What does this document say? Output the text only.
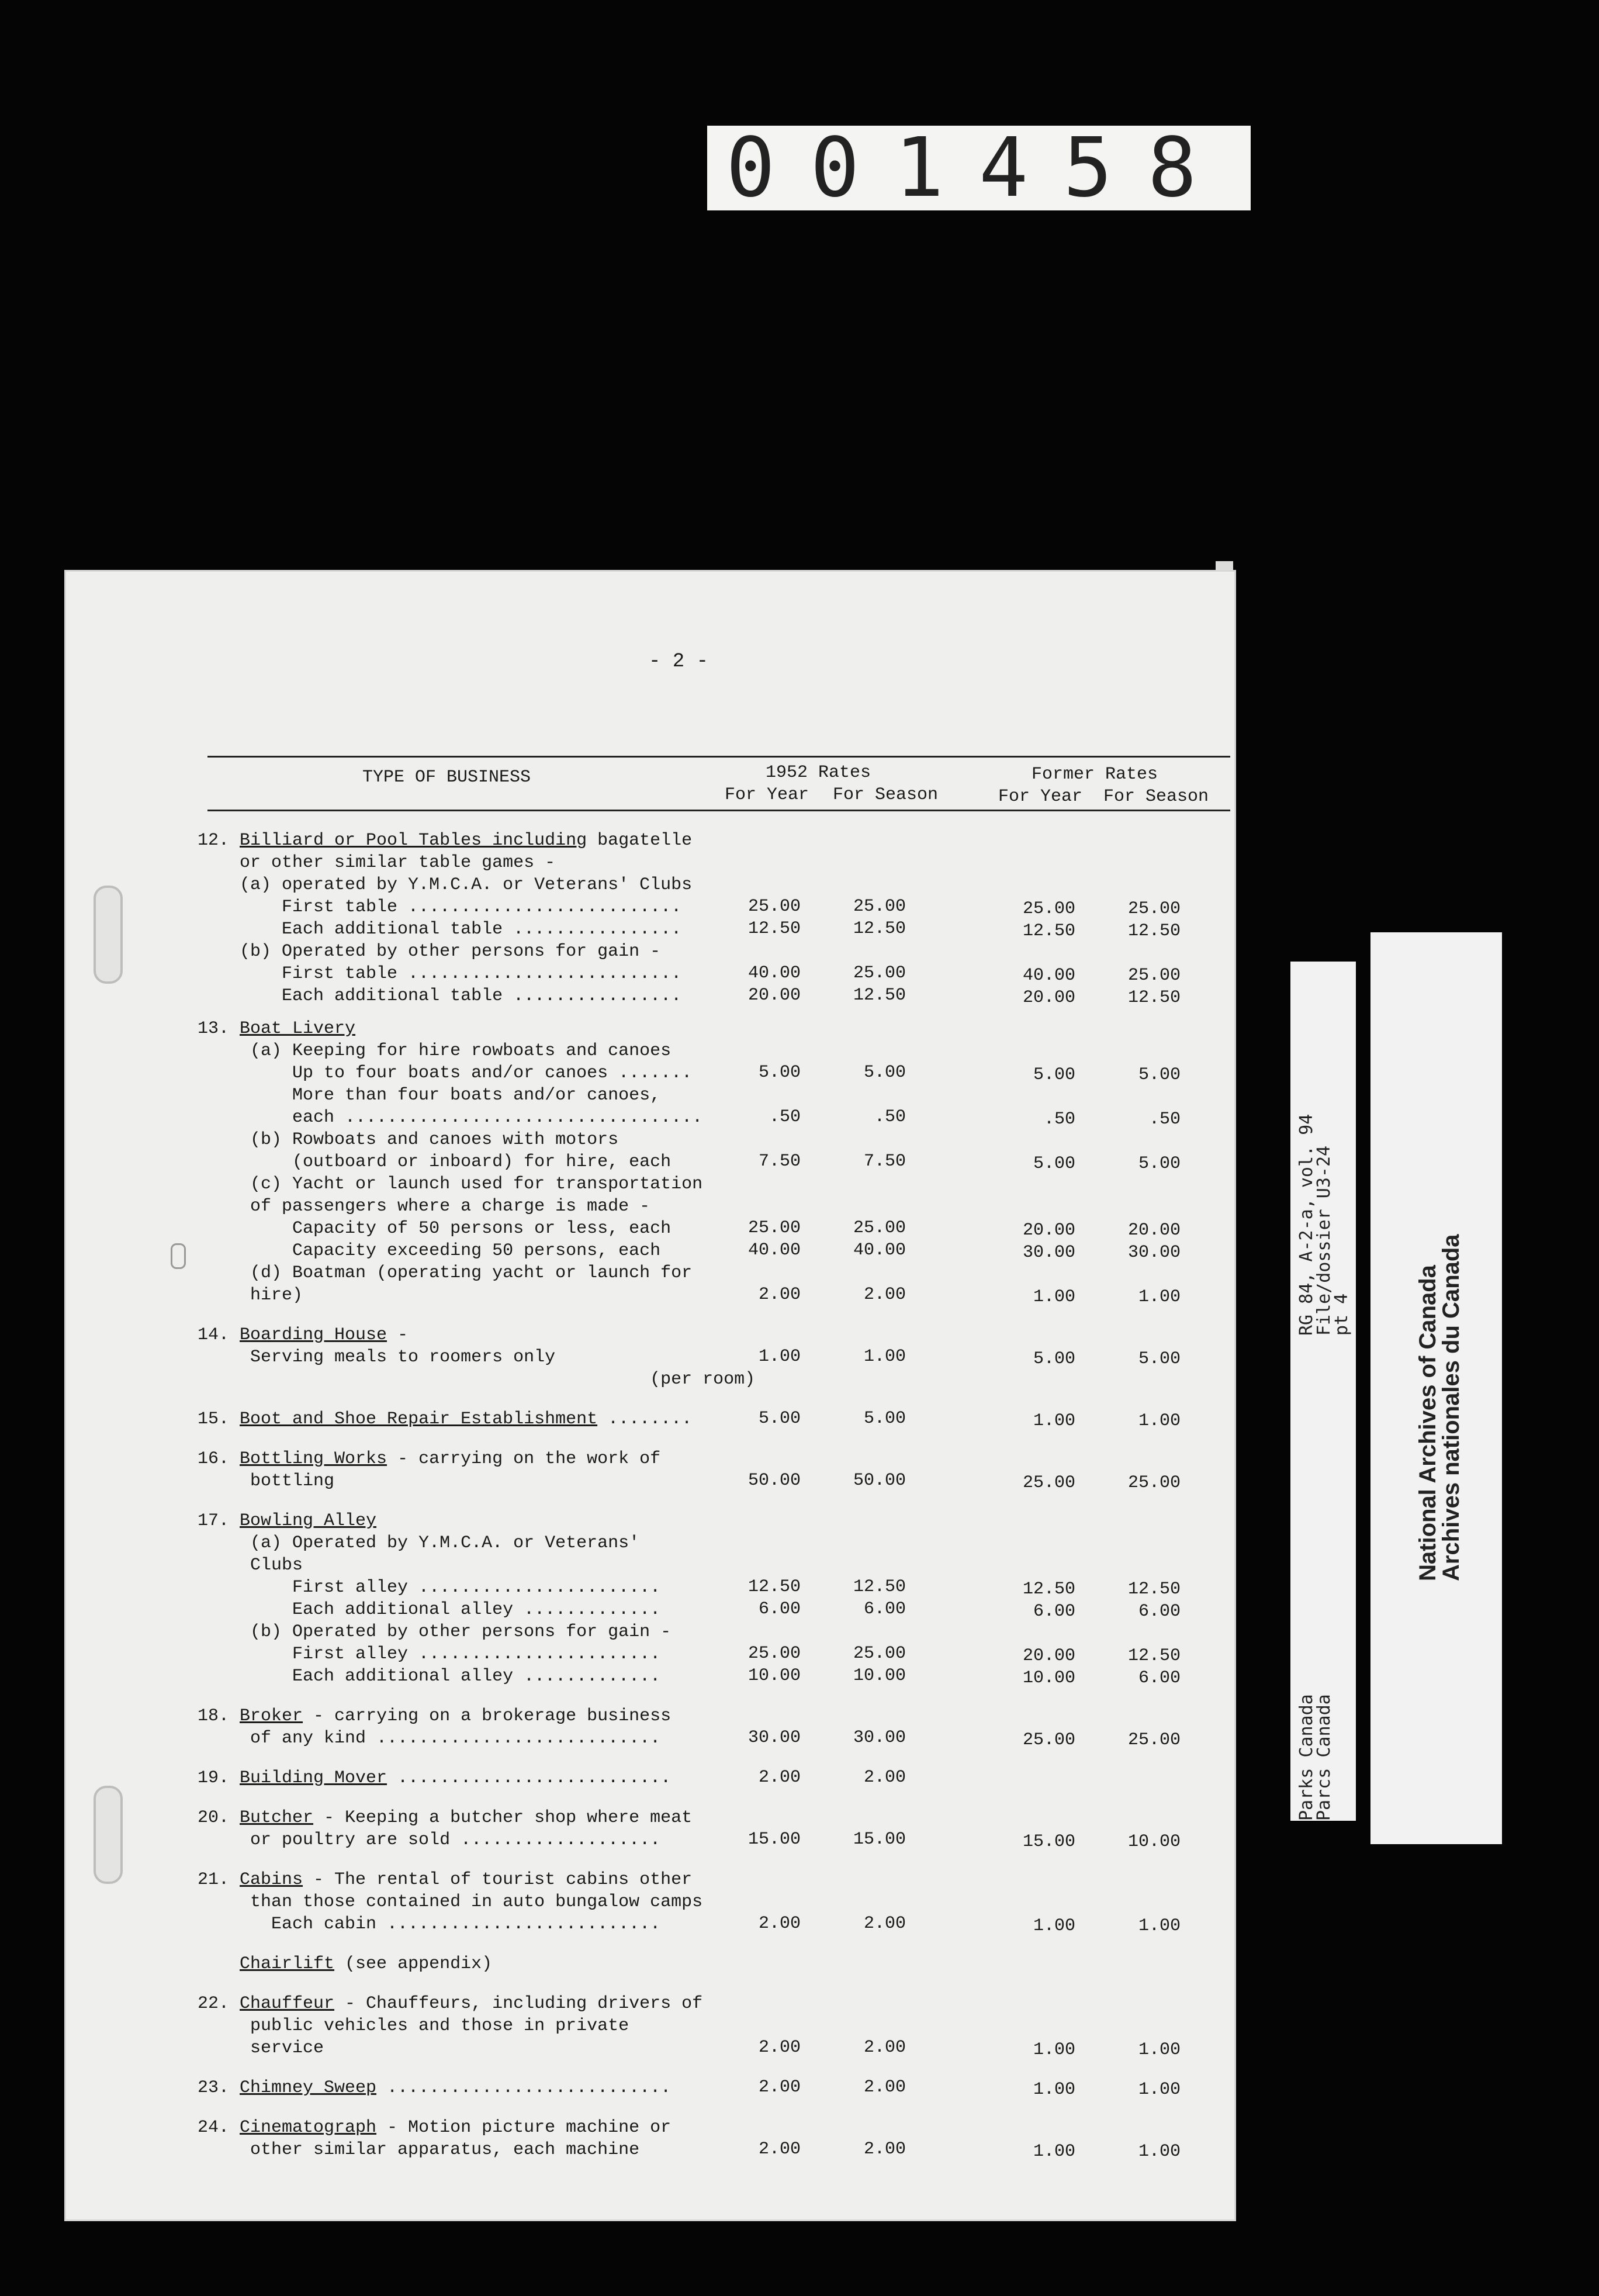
001458
- 2 -
TYPE OF BUSINESS	1952 Rates	Former Rates
For Year For Season	For Year For Season
12. Billiard or Pool Tables including bagatelle
or other similar table games -
(a) operated by Y.M.C.A. or Veterans' Clubs
First table ..........................	25.00	25.00	25.00	25.00
Each additional table ................	12.50	12.50	12.50	12.50
(b) Operated by other persons for gain -
First table ..........................	40.00	25.00	40.00	25.00
Each additional table ................	20.00	12.50	20.00	12.50
13. Boat Livery
(a) Keeping for hire rowboats and canoes
Up to four boats and/or canoes .......	5.00	5.00	5.00	5.00
More than four boats and/or canoes,
each ..................................	.50	.50	.50	.50
(b) Rowboats and canoes with motors
(outboard or inboard) for hire, each	7.50	7.50	5.00	5.00
(c) Yacht or launch used for transportation
of passengers where a charge is made -
Capacity of 50 persons or less, each	25.00	25.00	20.00	20.00
Capacity exceeding 50 persons, each	40.00	40.00	30.00	30.00
(d) Boatman (operating yacht or launch for
hire)	2.00	2.00	1.00	1.00
14. Boarding House -
Serving meals to roomers only	1.00	1.00	5.00	5.00
(per room)
15. Boot and Shoe Repair Establishment ........	5.00	5.00	1.00	1.00
16. Bottling Works - carrying on the work of
bottling	50.00	50.00	25.00	25.00
17. Bowling Alley
(a) Operated by Y.M.C.A. or Veterans'
Clubs
First alley .......................	12.50	12.50	12.50	12.50
Each additional alley .............	6.00	6.00	6.00	6.00
(b) Operated by other persons for gain -
First alley .......................	25.00	25.00	20.00	12.50
Each additional alley .............	10.00	10.00	10.00	6.00
18. Broker - carrying on a brokerage business
of any kind ...........................	30.00	30.00	25.00	25.00
19. Building Mover ..........................	2.00	2.00
20. Butcher - Keeping a butcher shop where meat
or poultry are sold ...................	15.00	15.00	15.00	10.00
21. Cabins - The rental of tourist cabins other
than those contained in auto bungalow camps
Each cabin ..........................	2.00	2.00	1.00	1.00
Chairlift (see appendix)
22. Chauffeur - Chauffeurs, including drivers of
public vehicles and those in private
service	2.00	2.00	1.00	1.00
23. Chimney Sweep ...........................	2.00	2.00	1.00	1.00
24. Cinematograph - Motion picture machine or
other similar apparatus, each machine	2.00	2.00	1.00	1.00
RG 84, A-2-a, vol. 94
File/dossier U3-24
pt 4
Parks Canada
Parcs Canada
National Archives of Canada
Archives nationales du Canada
